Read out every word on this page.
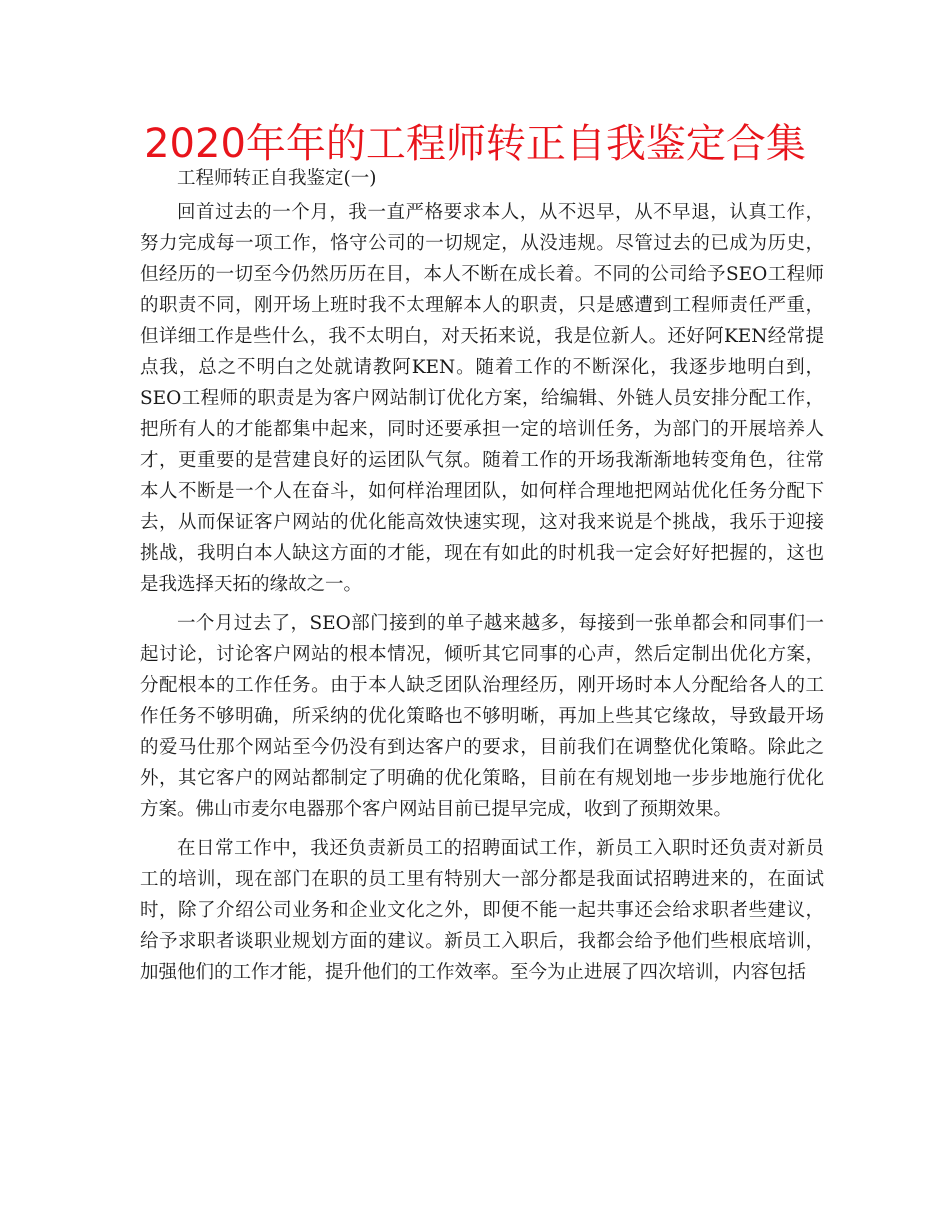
2020年年的工程师转正自我鉴定合集

工程师转正自我鉴定(一)

回首过去的一个月，我一直严格要求本人，从不迟早，从不早退，认真工作，努力完成每一项工作，恪守公司的一切规定，从没违规。尽管过去的已成为历史，但经历的一切至今仍然历历在目，本人不断在成长着。不同的公司给予SEO工程师的职责不同，刚开场上班时我不太理解本人的职责，只是感遭到工程师责任严重，但详细工作是些什么，我不太明白，对天拓来说，我是位新人。还好阿KEN经常提点我，总之不明白之处就请教阿KEN。随着工作的不断深化，我逐步地明白到，SEO工程师的职责是为客户网站制订优化方案，给编辑、外链人员安排分配工作，把所有人的才能都集中起来，同时还要承担一定的培训任务，为部门的开展培养人才，更重要的是营建良好的运团队气氛。随着工作的开场我渐渐地转变角色，往常本人不断是一个人在奋斗，如何样治理团队，如何样合理地把网站优化任务分配下去，从而保证客户网站的优化能高效快速实现，这对我来说是个挑战，我乐于迎接挑战，我明白本人缺这方面的才能，现在有如此的时机我一定会好好把握的，这也是我选择天拓的缘故之一。

一个月过去了，SEO部门接到的单子越来越多，每接到一张单都会和同事们一起讨论，讨论客户网站的根本情况，倾听其它同事的心声，然后定制出优化方案，分配根本的工作任务。由于本人缺乏团队治理经历，刚开场时本人分配给各人的工作任务不够明确，所采纳的优化策略也不够明晰，再加上些其它缘故，导致最开场的爱马仕那个网站至今仍没有到达客户的要求，目前我们在调整优化策略。除此之外，其它客户的网站都制定了明确的优化策略，目前在有规划地一步步地施行优化方案。佛山市麦尔电器那个客户网站目前已提早完成，收到了预期效果。

在日常工作中，我还负责新员工的招聘面试工作，新员工入职时还负责对新员工的培训，现在部门在职的员工里有特别大一部分都是我面试招聘进来的，在面试时，除了介绍公司业务和企业文化之外，即便不能一起共事还会给求职者些建议，给予求职者谈职业规划方面的建议。新员工入职后，我都会给予他们些根底培训，加强他们的工作才能，提升他们的工作效率。至今为止进展了四次培训，内容包括
